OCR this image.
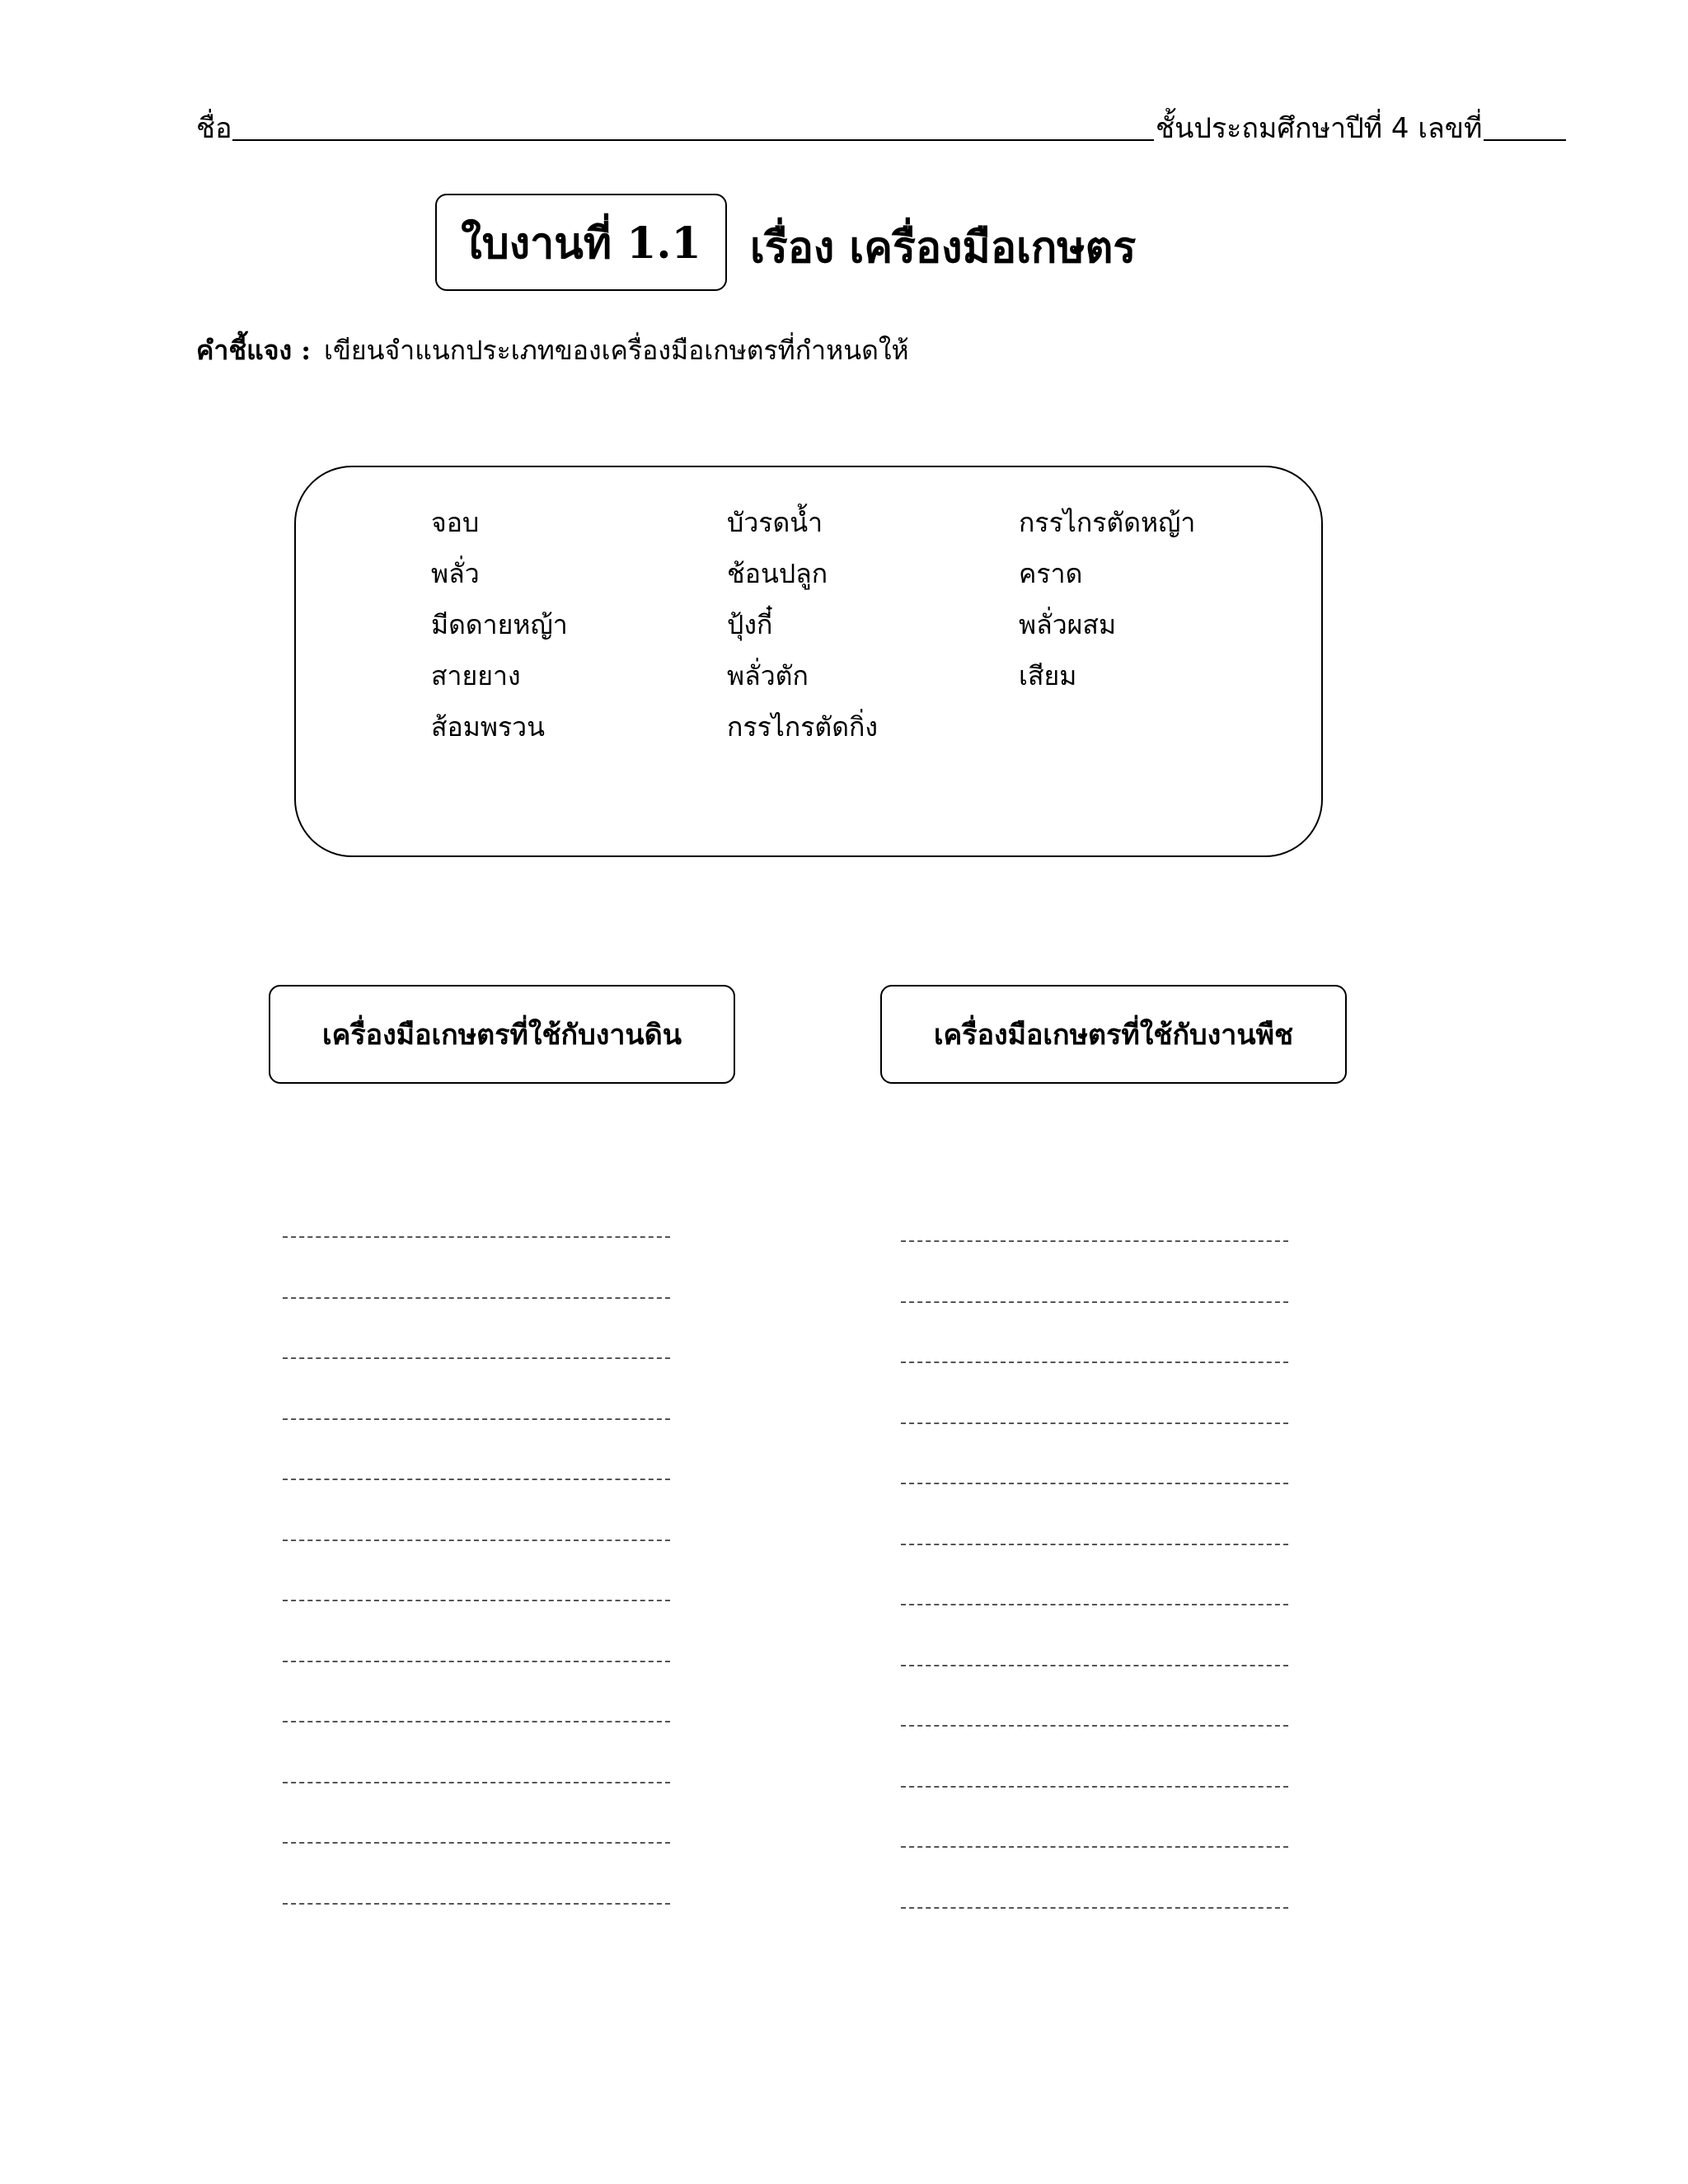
ชื่อ	ชั้นประถมศึกษาปีที่ 4 เลขที่
ใบงานที่ 1.1 เรื่อง เครื่องมือเกษตร
คำชี้แจง : เขียนจำแนกประเภทของเครื่องมือเกษตรที่กำหนดให้
จอบ
พลั่ว
มีดดายหญ้า
สายยาง
ส้อมพรวน
บัวรดน้ำ
ช้อนปลูก
ปุ้งกี๋
พลั่วตัก
กรรไกรตัดกิ่ง
กรรไกรตัดหญ้า
คราด
พลั่วผสม
เสียม
เครื่องมือเกษตรที่ใช้กับงานดิน	เครื่องมือเกษตรที่ใช้กับงานพืช
